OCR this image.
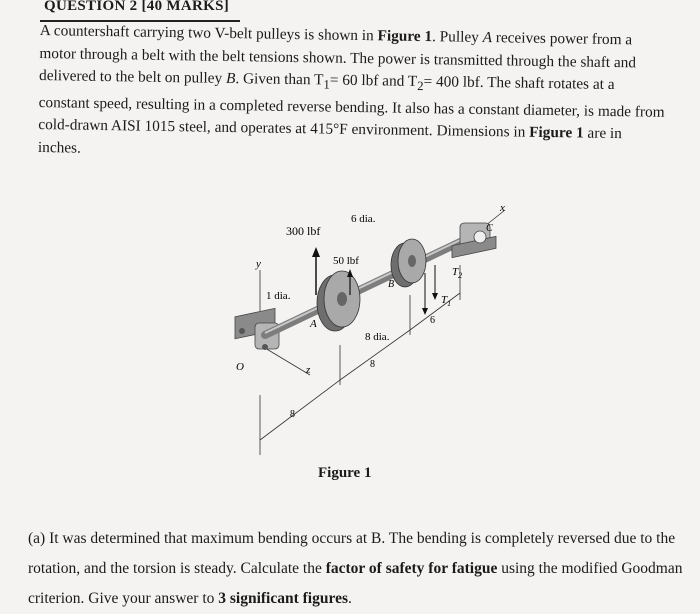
QUESTION 2 [40 MARKS]
A countershaft carrying two V-belt pulleys is shown in Figure 1. Pulley A receives power from a motor through a belt with the belt tensions shown. The power is transmitted through the shaft and delivered to the belt on pulley B. Given than $T_1= 60$ lbf and $T_2= 400$ lbf. The shaft rotates at a constant speed, resulting in a completed reverse bending. It also has a constant diameter, is made from cold-drawn AISI 1015 steel, and operates at 415°F environment. Dimensions in Figure 1 are in inches.
300 lbf
6 dia.
50 lbf
1 dia.
8 dia.
A
B
C
O
x
y
z
$T_2$
$T_1$
8
8
6
Figure 1
(a) It was determined that maximum bending occurs at B. The bending is completely reversed due to the rotation, and the torsion is steady. Calculate the factor of safety for fatigue using the modified Goodman criterion. Give your answer to 3 significant figures.
